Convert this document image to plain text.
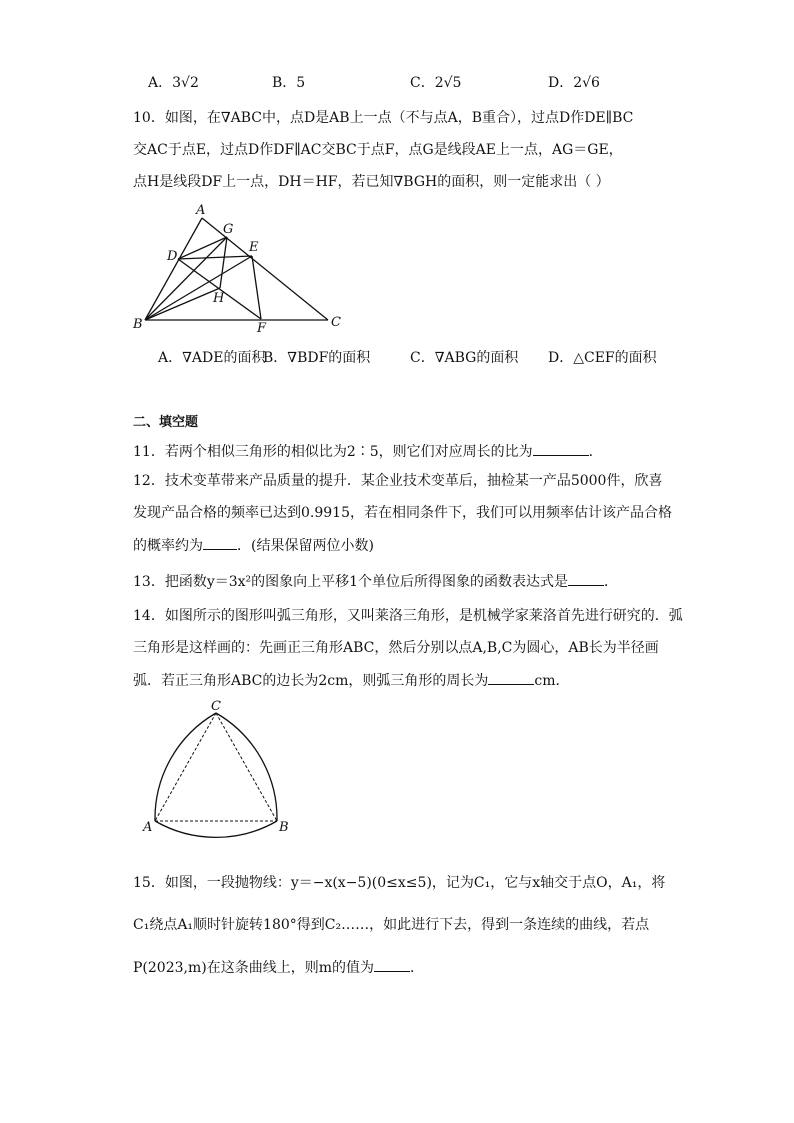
A．3√2	B．5	C．2√5	D．2√6
10．如图，在∇ABC中，点D是AB上一点（不与点A，B重合），过点D作DE∥BC
交AC于点E，过点D作DF∥AC交BC于点F，点G是线段AE上一点，AG＝GE，
点H是线段DF上一点，DH＝HF，若已知∇BGH的面积，则一定能求出（ ）
A
G
E
D
H
B	F	C
A．∇ADE的面积
B．∇BDF的面积	C．∇ABG的面积 D．△CEF的面积
二、填空题
11．若两个相似三角形的相似比为2∶5，则它们对应周长的比为	．
12．技术变革带来产品质量的提升．某企业技术变革后，抽检某一产品5000件，欣喜
发现产品合格的频率已达到0.9915，若在相同条件下，我们可以用频率估计该产品合格
的概率约为 ．(结果保留两位小数)
13．把函数y＝3x²的图象向上平移1个单位后所得图象的函数表达式是	．
14．如图所示的图形叫弧三角形，又叫莱洛三角形，是机械学家莱洛首先进行研究的．弧
三角形是这样画的：先画正三角形ABC，然后分别以点A,B,C为圆心，AB长为半径画
弧．若正三角形ABC的边长为2cm，则弧三角形的周长为	cm．
C
A	B
15．如图，一段抛物线：y＝−x(x−5)(0≤x≤5)，记为C₁，它与x轴交于点O，A₁，将
C₁绕点A₁顺时针旋转180°得到C₂……，如此进行下去，得到一条连续的曲线，若点
P(2023,m)在这条曲线上，则m的值为	．
